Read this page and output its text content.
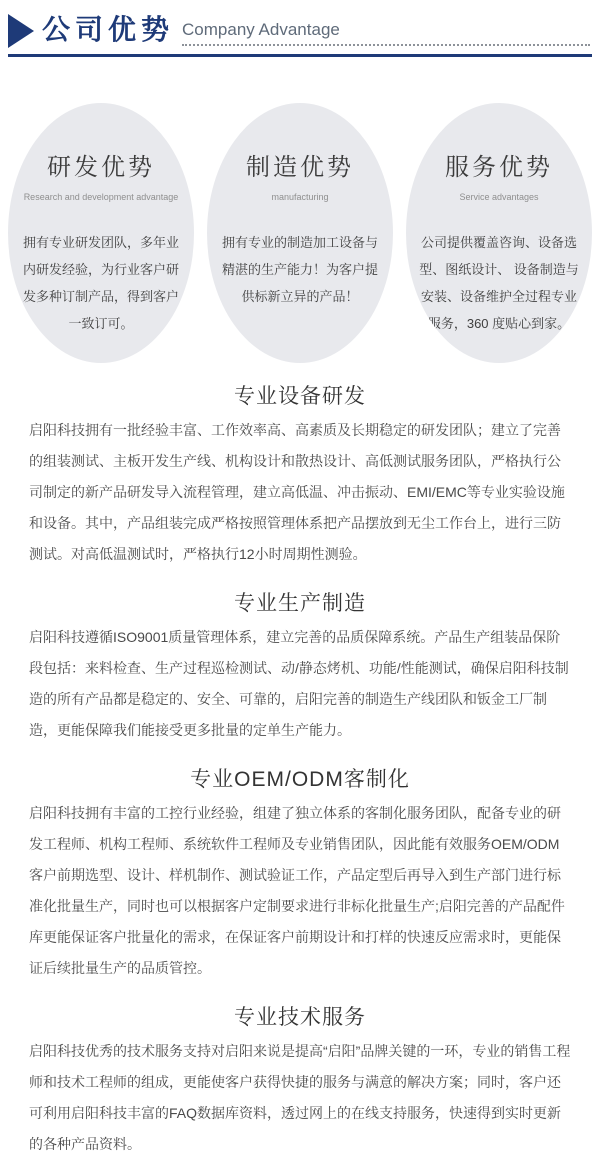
公司优势 Company Advantage
研发优势
Research and development advantage
拥有专业研发团队，多年业内研发经验，为行业客户研发多种订制产品，得到客户一致订可。
制造优势
manufacturing
拥有专业的制造加工设备与精湛的生产能力！为客户提供标新立异的产品！
服务优势
Service advantages
公司提供覆盖咨询、设备选型、图纸设计、 设备制造与安装、设备维护全过程专业服务，360 度贴心到家。
专业设备研发
启阳科技拥有一批经验丰富、工作效率高、高素质及长期稳定的研发团队；建立了完善的组装测试、主板开发生产线、机构设计和散热设计、高低测试服务团队，严格执行公司制定的新产品研发导入流程管理，建立高低温、冲击振动、EMI/EMC等专业实验设施和设备。其中，产品组装完成严格按照管理体系把产品摆放到无尘工作台上，进行三防测试。对高低温测试时，严格执行12小时周期性测验。
专业生产制造
启阳科技遵循ISO9001质量管理体系，建立完善的品质保障系统。产品生产组装品保阶段包括：来料检查、生产过程巡检测试、动/静态烤机、功能/性能测试，确保启阳科技制造的所有产品都是稳定的、安全、可靠的，启阳完善的制造生产线团队和钣金工厂制造，更能保障我们能接受更多批量的定单生产能力。
专业OEM/ODM客制化
启阳科技拥有丰富的工控行业经验，组建了独立体系的客制化服务团队，配备专业的研发工程师、机构工程师、系统软件工程师及专业销售团队，因此能有效服务OEM/ODM客户前期选型、设计、样机制作、测试验证工作，产品定型后再导入到生产部门进行标准化批量生产，同时也可以根据客户定制要求进行非标化批量生产;启阳完善的产品配件库更能保证客户批量化的需求，在保证客户前期设计和打样的快速反应需求时，更能保证后续批量生产的品质管控。
专业技术服务
启阳科技优秀的技术服务支持对启阳来说是提高“启阳”品牌关键的一环，专业的销售工程师和技术工程师的组成，更能使客户获得快捷的服务与满意的解决方案；同时，客户还可利用启阳科技丰富的FAQ数据库资料，透过网上的在线支持服务，快速得到实时更新的各种产品资料。
